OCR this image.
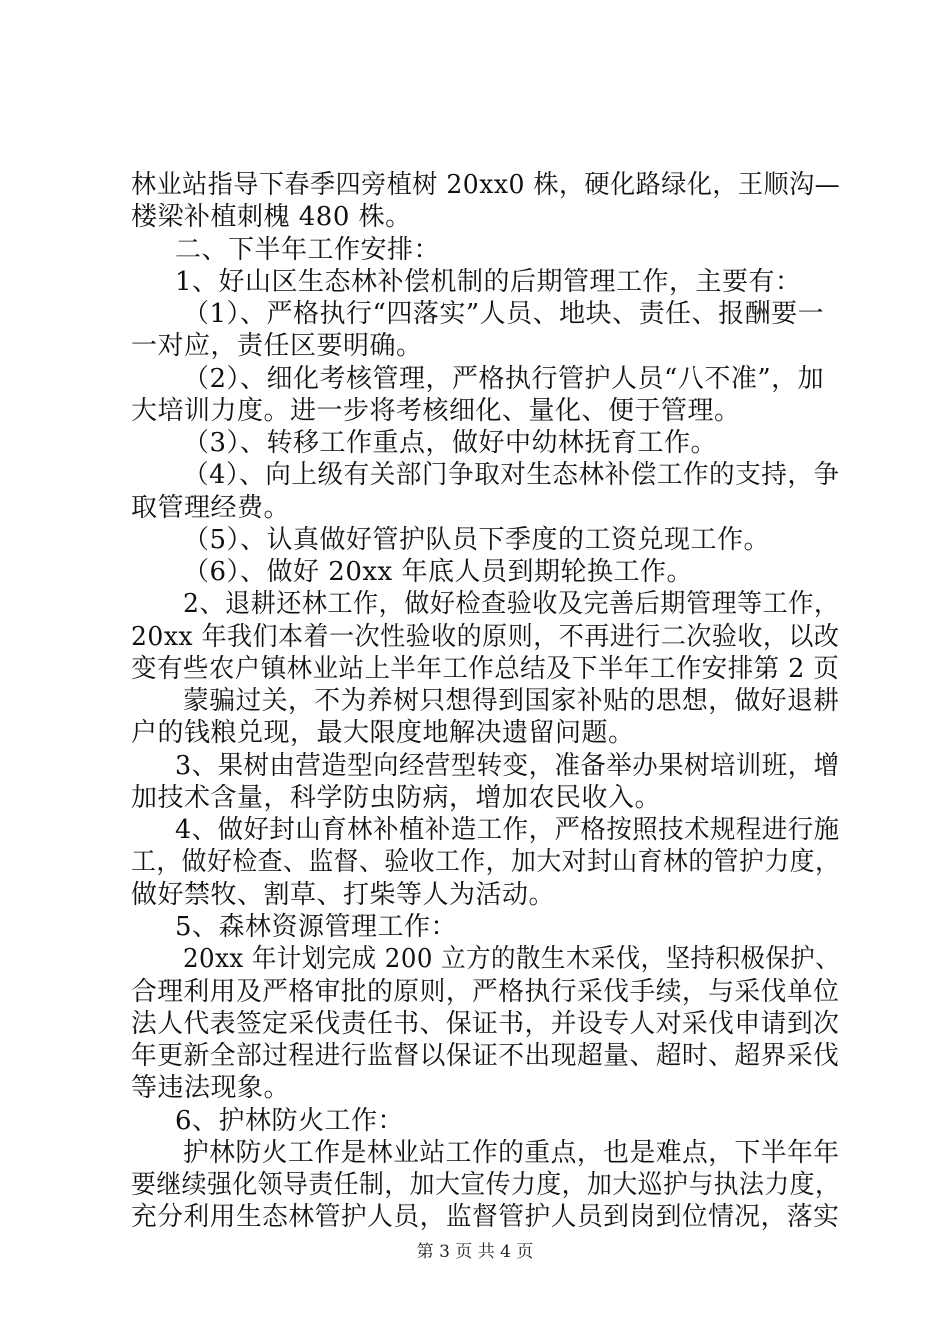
林业站指导下春季四旁植树 20xx0 株，硬化路绿化，王顺沟—
楼梁补植刺槐 480 株。
二、下半年工作安排：
1、好山区生态林补偿机制的后期管理工作，主要有：
（1）、严格执行“四落实”人员、地块、责任、报酬要一
一对应，责任区要明确。
（2）、细化考核管理，严格执行管护人员“八不准”，加
大培训力度。进一步将考核细化、量化、便于管理。
（3）、转移工作重点，做好中幼林抚育工作。
（4）、向上级有关部门争取对生态林补偿工作的支持，争
取管理经费。
（5）、认真做好管护队员下季度的工资兑现工作。
（6）、做好 20xx 年底人员到期轮换工作。
2、退耕还林工作，做好检查验收及完善后期管理等工作，
20xx 年我们本着一次性验收的原则，不再进行二次验收，以改
变有些农户镇林业站上半年工作总结及下半年工作安排第 2 页
蒙骗过关，不为养树只想得到国家补贴的思想，做好退耕
户的钱粮兑现，最大限度地解决遗留问题。
3、果树由营造型向经营型转变，准备举办果树培训班，增
加技术含量，科学防虫防病，增加农民收入。
4、做好封山育林补植补造工作，严格按照技术规程进行施
工，做好检查、监督、验收工作，加大对封山育林的管护力度，
做好禁牧、割草、打柴等人为活动。
5、森林资源管理工作：
20xx 年计划完成 200 立方的散生木采伐，坚持积极保护、
合理利用及严格审批的原则，严格执行采伐手续，与采伐单位
法人代表签定采伐责任书、保证书，并设专人对采伐申请到次
年更新全部过程进行监督以保证不出现超量、超时、超界采伐
等违法现象。
6、护林防火工作：
护林防火工作是林业站工作的重点，也是难点，下半年年
要继续强化领导责任制，加大宣传力度，加大巡护与执法力度，
充分利用生态林管护人员，监督管护人员到岗到位情况，落实
第 3 页 共 4 页
